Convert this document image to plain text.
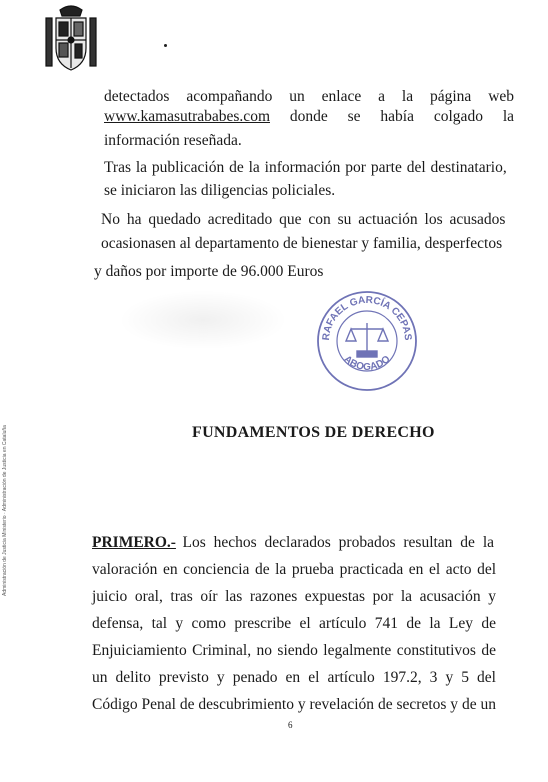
detectados acompañando un enlace a la página web
www.kamasutrababes.com donde se había colgado la
información reseñada.
Tras la publicación de la información por parte del destinatario,
se iniciaron las diligencias policiales.
No ha quedado acreditado que con su actuación los acusados
ocasionasen al departamento de bienestar y familia, desperfectos
y daños por importe de 96.000 Euros
RAFAEL GARCÍA CEPAS
ABOGADO
Administración de Justicia Ministerio · Administración de Justicia en Cataluña	FUNDAMENTOS DE DERECHO
PRIMERO.- Los hechos declarados probados resultan de la
valoración en conciencia de la prueba practicada en el acto del
juicio oral, tras oír las razones expuestas por la acusación y
defensa, tal y como prescribe el artículo 741 de la Ley de
Enjuiciamiento Criminal, no siendo legalmente constitutivos de
un delito previsto y penado en el artículo 197.2, 3 y 5 del
Código Penal de descubrimiento y revelación de secretos y de un
6
